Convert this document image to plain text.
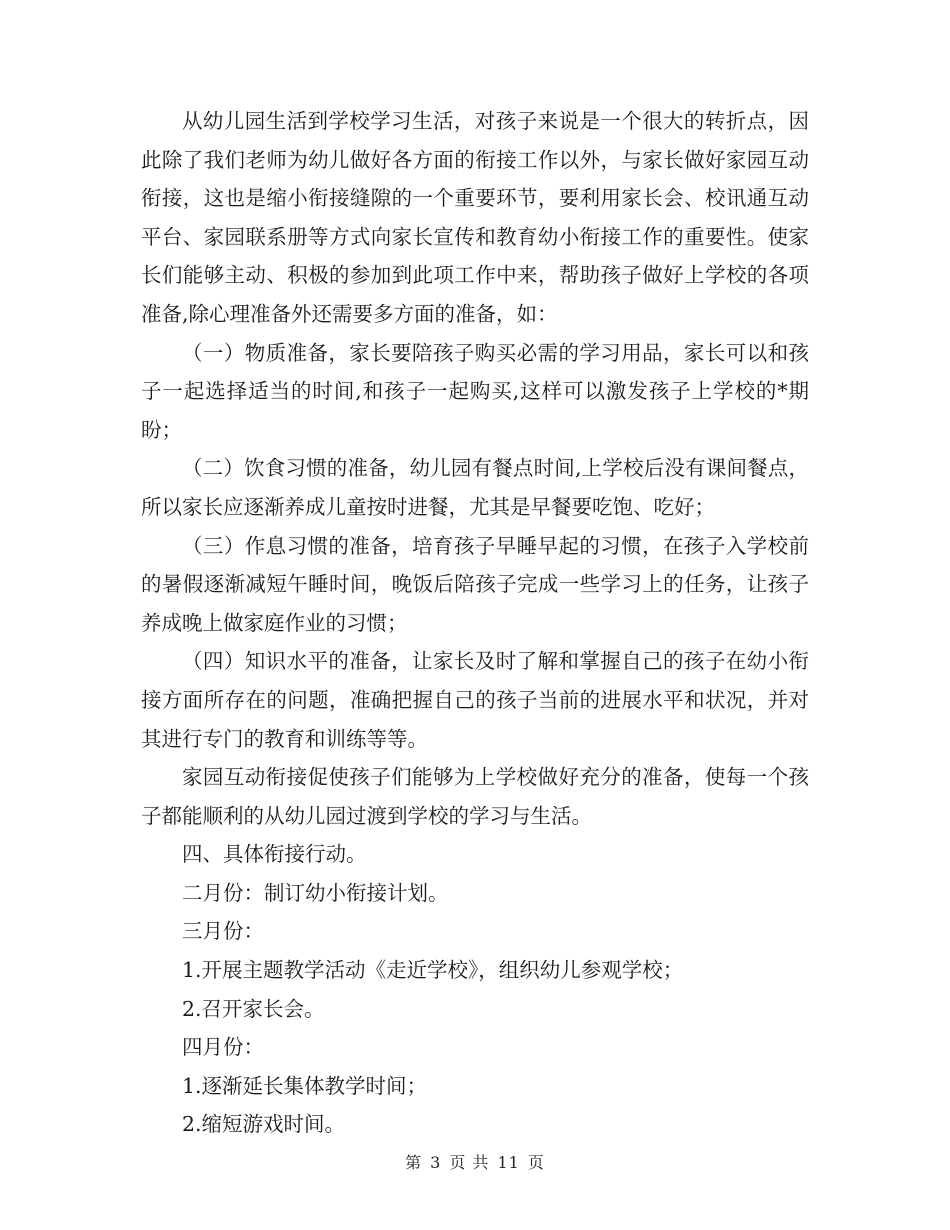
从幼儿园生活到学校学习生活，对孩子来说是一个很大的转折点，因此除了我们老师为幼儿做好各方面的衔接工作以外，与家长做好家园互动衔接，这也是缩小衔接缝隙的一个重要环节，要利用家长会、校讯通互动平台、家园联系册等方式向家长宣传和教育幼小衔接工作的重要性。使家长们能够主动、积极的参加到此项工作中来，帮助孩子做好上学校的各项准备,除心理准备外还需要多方面的准备，如：

（一）物质准备，家长要陪孩子购买必需的学习用品，家长可以和孩子一起选择适当的时间,和孩子一起购买,这样可以激发孩子上学校的*期盼；

（二）饮食习惯的准备，幼儿园有餐点时间,上学校后没有课间餐点，所以家长应逐渐养成儿童按时进餐，尤其是早餐要吃饱、吃好；

（三）作息习惯的准备，培育孩子早睡早起的习惯，在孩子入学校前的暑假逐渐减短午睡时间，晚饭后陪孩子完成一些学习上的任务，让孩子养成晚上做家庭作业的习惯；

（四）知识水平的准备，让家长及时了解和掌握自己的孩子在幼小衔接方面所存在的问题，准确把握自己的孩子当前的进展水平和状况，并对其进行专门的教育和训练等等。

家园互动衔接促使孩子们能够为上学校做好充分的准备，使每一个孩子都能顺利的从幼儿园过渡到学校的学习与生活。

四、具体衔接行动。

二月份：制订幼小衔接计划。

三月份：

1.开展主题教学活动《走近学校》，组织幼儿参观学校；

2.召开家长会。

四月份：

1.逐渐延长集体教学时间；

2.缩短游戏时间。

第 3 页 共 11 页
